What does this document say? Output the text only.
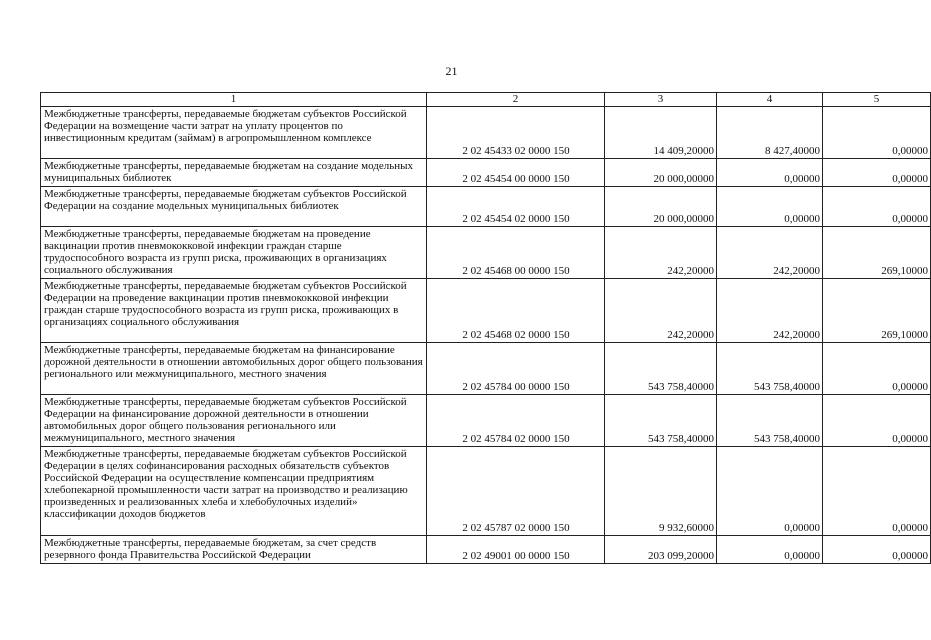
21
1	2	3	4	5
Межбюджетные трансферты, передаваемые бюджетам субъектов Российской Федерации на возмещение части затрат на уплату процентов по инвестиционным кредитам (займам) в агропромышленном комплексе	2 02 45433 02 0000 150	14 409,20000	8 427,40000	0,00000
Межбюджетные трансферты, передаваемые бюджетам на создание модельных муниципальных библиотек	2 02 45454 00 0000 150	20 000,00000	0,00000	0,00000
Межбюджетные трансферты, передаваемые бюджетам субъектов Российской Федерации на создание модельных муниципальных библиотек	2 02 45454 02 0000 150	20 000,00000	0,00000	0,00000
Межбюджетные трансферты, передаваемые бюджетам на проведение вакцинации против пневмококковой инфекции граждан старше трудоспособного возраста из групп риска, проживающих в организациях социального обслуживания	2 02 45468 00 0000 150	242,20000	242,20000	269,10000
Межбюджетные трансферты, передаваемые бюджетам субъектов Российской Федерации на проведение вакцинации против пневмококковой инфекции граждан старше трудоспособного возраста из групп риска, проживающих в организациях социального обслуживания	2 02 45468 02 0000 150	242,20000	242,20000	269,10000
Межбюджетные трансферты, передаваемые бюджетам на финансирование дорожной деятельности в отношении автомобильных дорог общего пользования регионального или межмуниципального, местного значения	2 02 45784 00 0000 150	543 758,40000	543 758,40000	0,00000
Межбюджетные трансферты, передаваемые бюджетам субъектов Российской Федерации на финансирование дорожной деятельности в отношении автомобильных дорог общего пользования регионального или межмуниципального, местного значения	2 02 45784 02 0000 150	543 758,40000	543 758,40000	0,00000
Межбюджетные трансферты, передаваемые бюджетам субъектов Российской Федерации в целях софинансирования расходных обязательств субъектов Российской Федерации на осуществление компенсации предприятиям хлебопекарной промышленности части затрат на производство и реализацию произведенных и реализованных хлеба и хлебобулочных изделий» классификации доходов бюджетов	2 02 45787 02 0000 150	9 932,60000	0,00000	0,00000
Межбюджетные трансферты, передаваемые бюджетам, за счет средств резервного фонда Правительства Российской Федерации	2 02 49001 00 0000 150	203 099,20000	0,00000	0,00000
